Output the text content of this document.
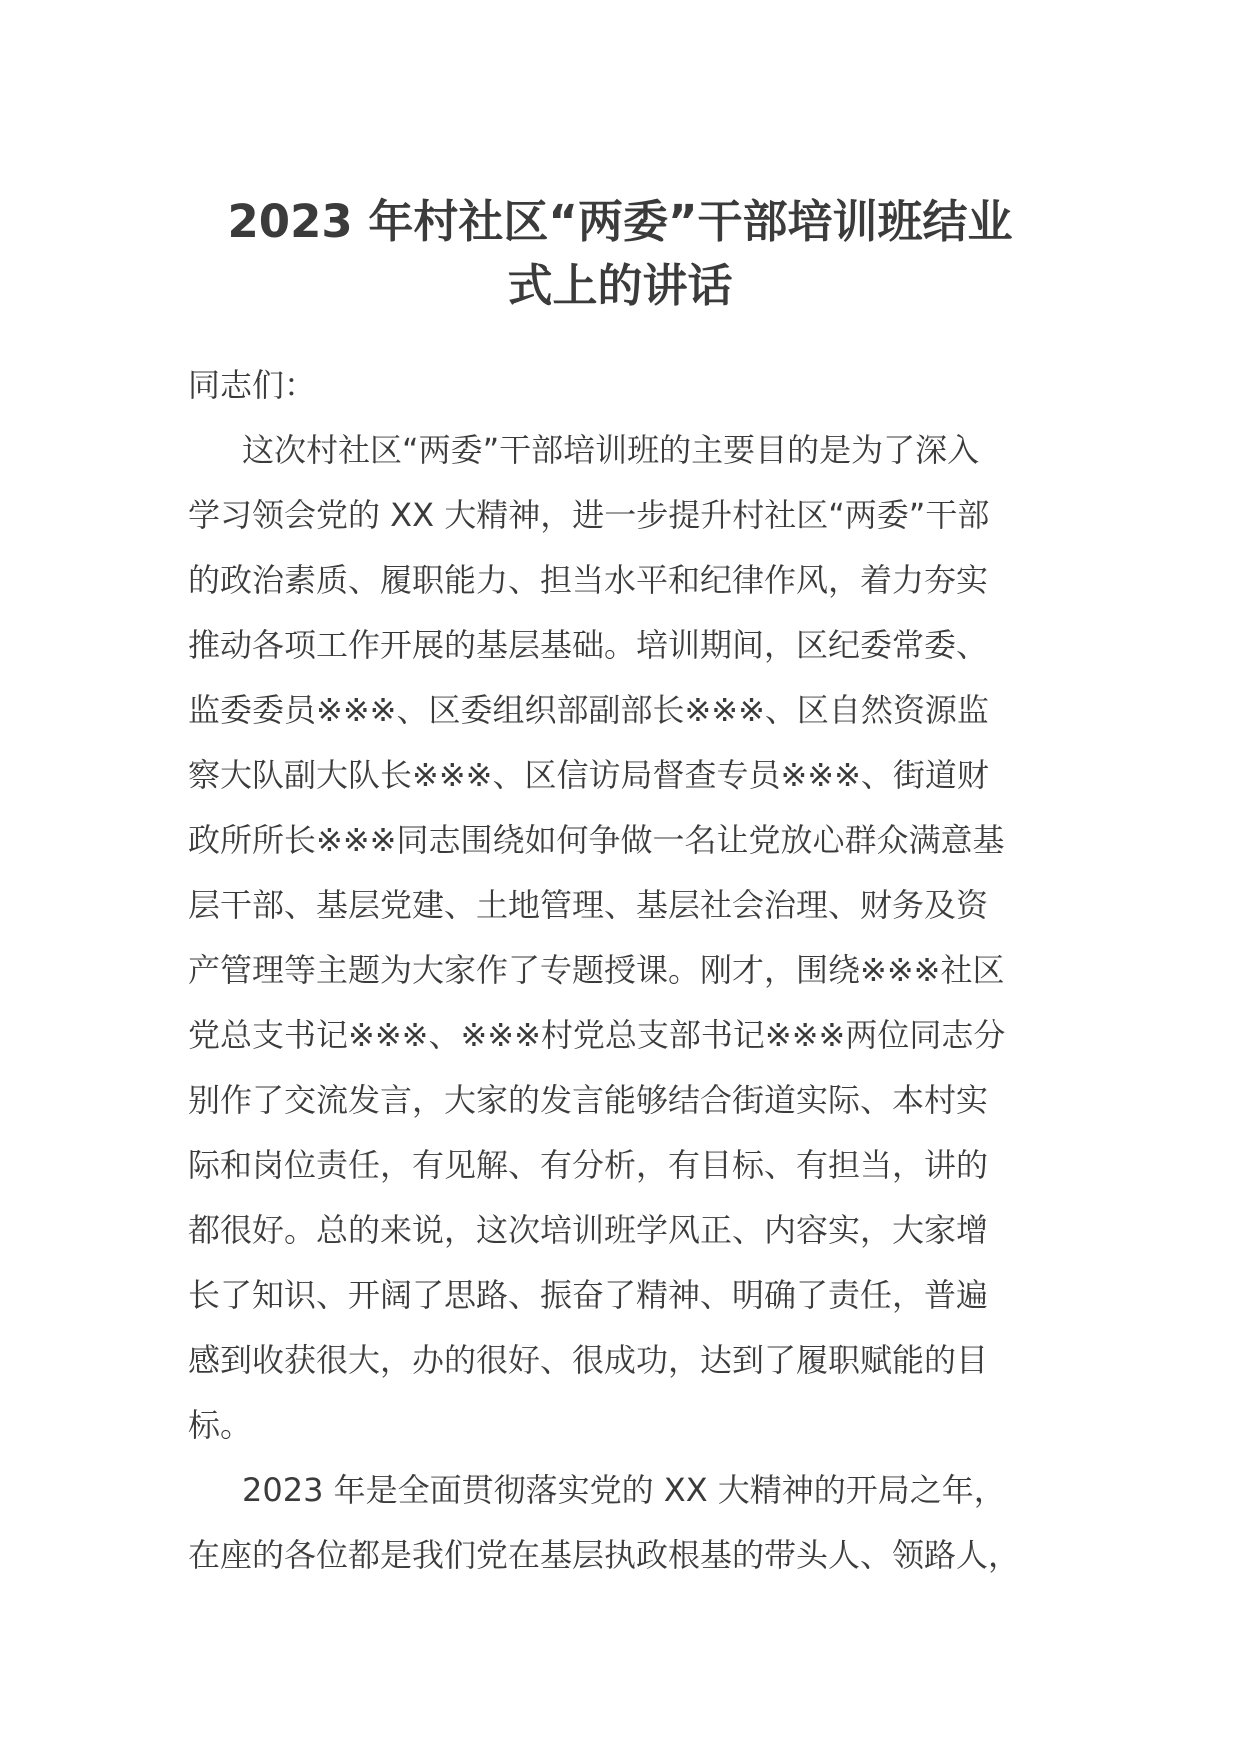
2023 年村社区“两委”干部培训班结业
式上的讲话
同志们：
这次村社区“两委”干部培训班的主要目的是为了深入
学习领会党的 XX 大精神，进一步提升村社区“两委”干部
的政治素质、履职能力、担当水平和纪律作风，着力夯实
推动各项工作开展的基层基础。培训期间，区纪委常委、
监委委员※※※、区委组织部副部长※※※、区自然资源监
察大队副大队长※※※、区信访局督查专员※※※、街道财
政所所长※※※同志围绕如何争做一名让党放心群众满意基
层干部、基层党建、土地管理、基层社会治理、财务及资
产管理等主题为大家作了专题授课。刚才，围绕※※※社区
党总支书记※※※、※※※村党总支部书记※※※两位同志分
别作了交流发言，大家的发言能够结合街道实际、本村实
际和岗位责任，有见解、有分析，有目标、有担当，讲的
都很好。总的来说，这次培训班学风正、内容实，大家增
长了知识、开阔了思路、振奋了精神、明确了责任，普遍
感到收获很大，办的很好、很成功，达到了履职赋能的目
标。
2023 年是全面贯彻落实党的 XX 大精神的开局之年，
在座的各位都是我们党在基层执政根基的带头人、领路人，
